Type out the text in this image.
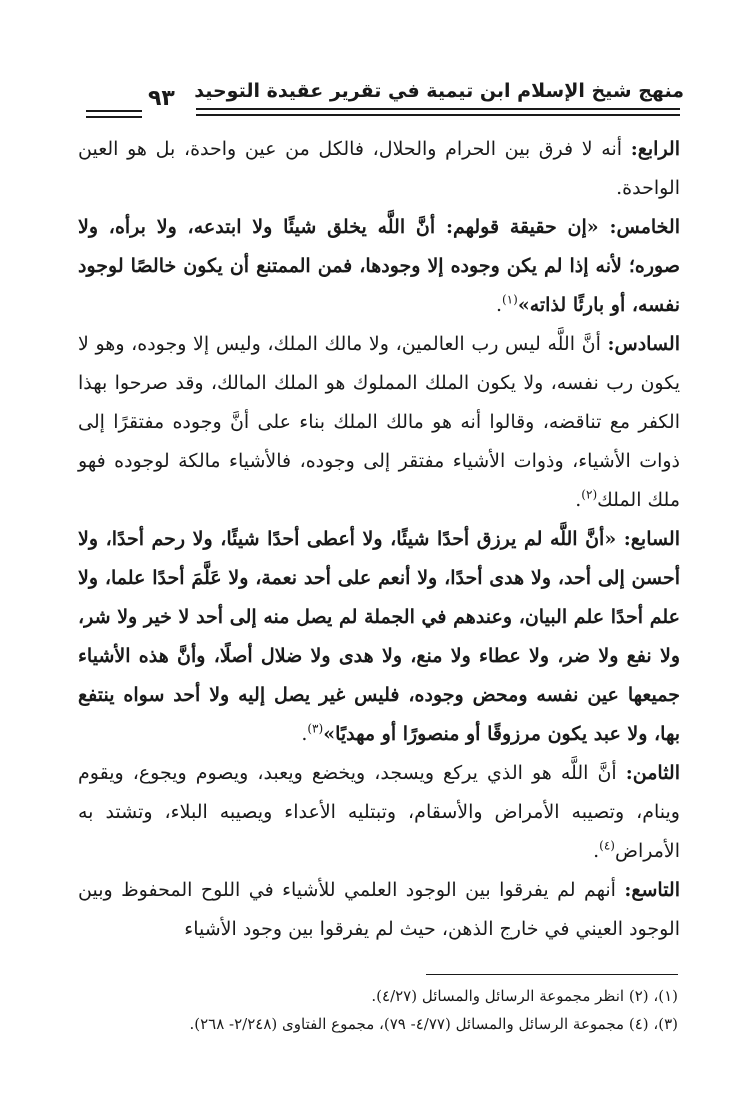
منهج شيخ الإسلام ابن تيمية في تقرير عقيدة التوحيد
٩٣

الرابع: أنه لا فرق بين الحرام والحلال، فالكل من عين واحدة، بل هو العين الواحدة.

الخامس: «إن حقيقة قولهم: أنَّ اللَّه يخلق شيئًا ولا ابتدعه، ولا برأه، ولا صوره؛ لأنه إذا لم يكن وجوده إلا وجودها، فمن الممتنع أن يكون خالصًا لوجود نفسه، أو بارئًا لذاته»$^{(١)}$.

السادس: أنَّ اللَّه ليس رب العالمين، ولا مالك الملك، وليس إلا وجوده، وهو لا يكون رب نفسه، ولا يكون الملك المملوك هو الملك المالك، وقد صرحوا بهذا الكفر مع تناقضه، وقالوا أنه هو مالك الملك بناء على أنَّ وجوده مفتقرًا إلى ذوات الأشياء، وذوات الأشياء مفتقر إلى وجوده، فالأشياء مالكة لوجوده فهو ملك الملك$^{(٢)}$.

السابع: «أنَّ اللَّه لم يرزق أحدًا شيئًا، ولا أعطى أحدًا شيئًا، ولا رحم أحدًا، ولا أحسن إلى أحد، ولا هدى أحدًا، ولا أنعم على أحد نعمة، ولا عَلَّمَ أحدًا علما، ولا علم أحدًا علم البيان، وعندهم في الجملة لم يصل منه إلى أحد لا خير ولا شر، ولا نفع ولا ضر، ولا عطاء ولا منع، ولا هدى ولا ضلال أصلًا، وأنَّ هذه الأشياء جميعها عين نفسه ومحض وجوده، فليس غير يصل إليه ولا أحد سواه ينتفع بها، ولا عبد يكون مرزوقًا أو منصورًا أو مهديًا»$^{(٣)}$.

الثامن: أنَّ اللَّه هو الذي يركع ويسجد، ويخضع ويعبد، ويصوم ويجوع، ويقوم وينام، وتصيبه الأمراض والأسقام، وتبتليه الأعداء ويصيبه البلاء، وتشتد به الأمراض$^{(٤)}$.

التاسع: أنهم لم يفرقوا بين الوجود العلمي للأشياء في اللوح المحفوظ وبين الوجود العيني في خارج الذهن، حيث لم يفرقوا بين وجود الأشياء

(١)، (٢) انظر مجموعة الرسائل والمسائل (٤/٢٧).

(٣)، (٤) مجموعة الرسائل والمسائل (٤/٧٧- ٧٩)، مجموع الفتاوى (٢/٢٤٨- ٢٦٨).
